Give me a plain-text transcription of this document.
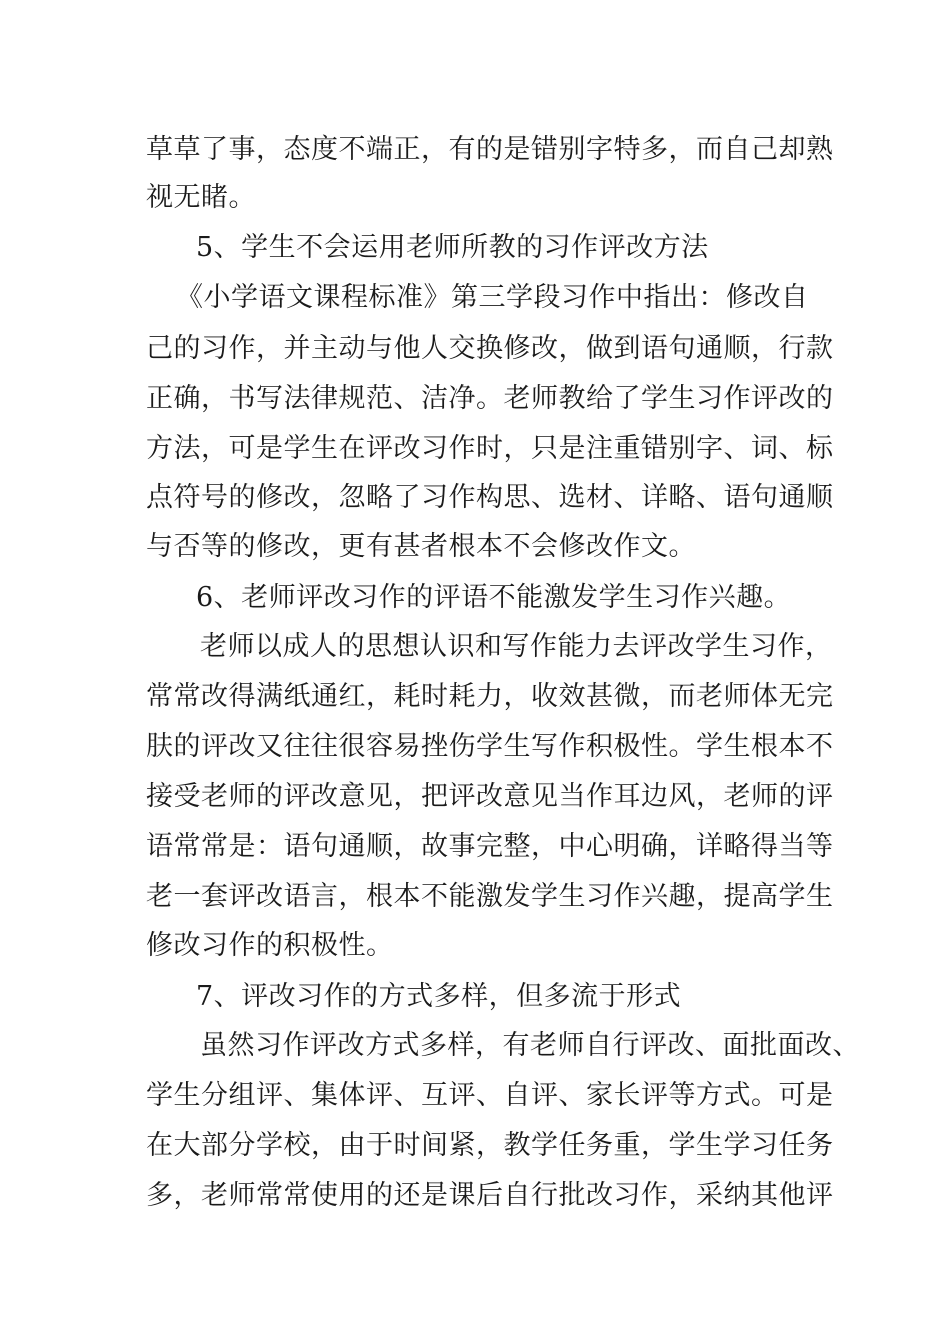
草草了事，态度不端正，有的是错别字特多，而自己却熟
视无睹。
5、学生不会运用老师所教的习作评改方法
《小学语文课程标准》第三学段习作中指出：修改自
己的习作，并主动与他人交换修改，做到语句通顺，行款
正确，书写法律规范、洁净。老师教给了学生习作评改的
方法，可是学生在评改习作时，只是注重错别字、词、标
点符号的修改，忽略了习作构思、选材、详略、语句通顺
与否等的修改，更有甚者根本不会修改作文。
6、老师评改习作的评语不能激发学生习作兴趣。
老师以成人的思想认识和写作能力去评改学生习作，
常常改得满纸通红，耗时耗力，收效甚微，而老师体无完
肤的评改又往往很容易挫伤学生写作积极性。学生根本不
接受老师的评改意见，把评改意见当作耳边风，老师的评
语常常是：语句通顺，故事完整，中心明确，详略得当等
老一套评改语言，根本不能激发学生习作兴趣，提高学生
修改习作的积极性。
7、评改习作的方式多样，但多流于形式
虽然习作评改方式多样，有老师自行评改、面批面改、
学生分组评、集体评、互评、自评、家长评等方式。可是
在大部分学校，由于时间紧，教学任务重，学生学习任务
多，老师常常使用的还是课后自行批改习作，采纳其他评
